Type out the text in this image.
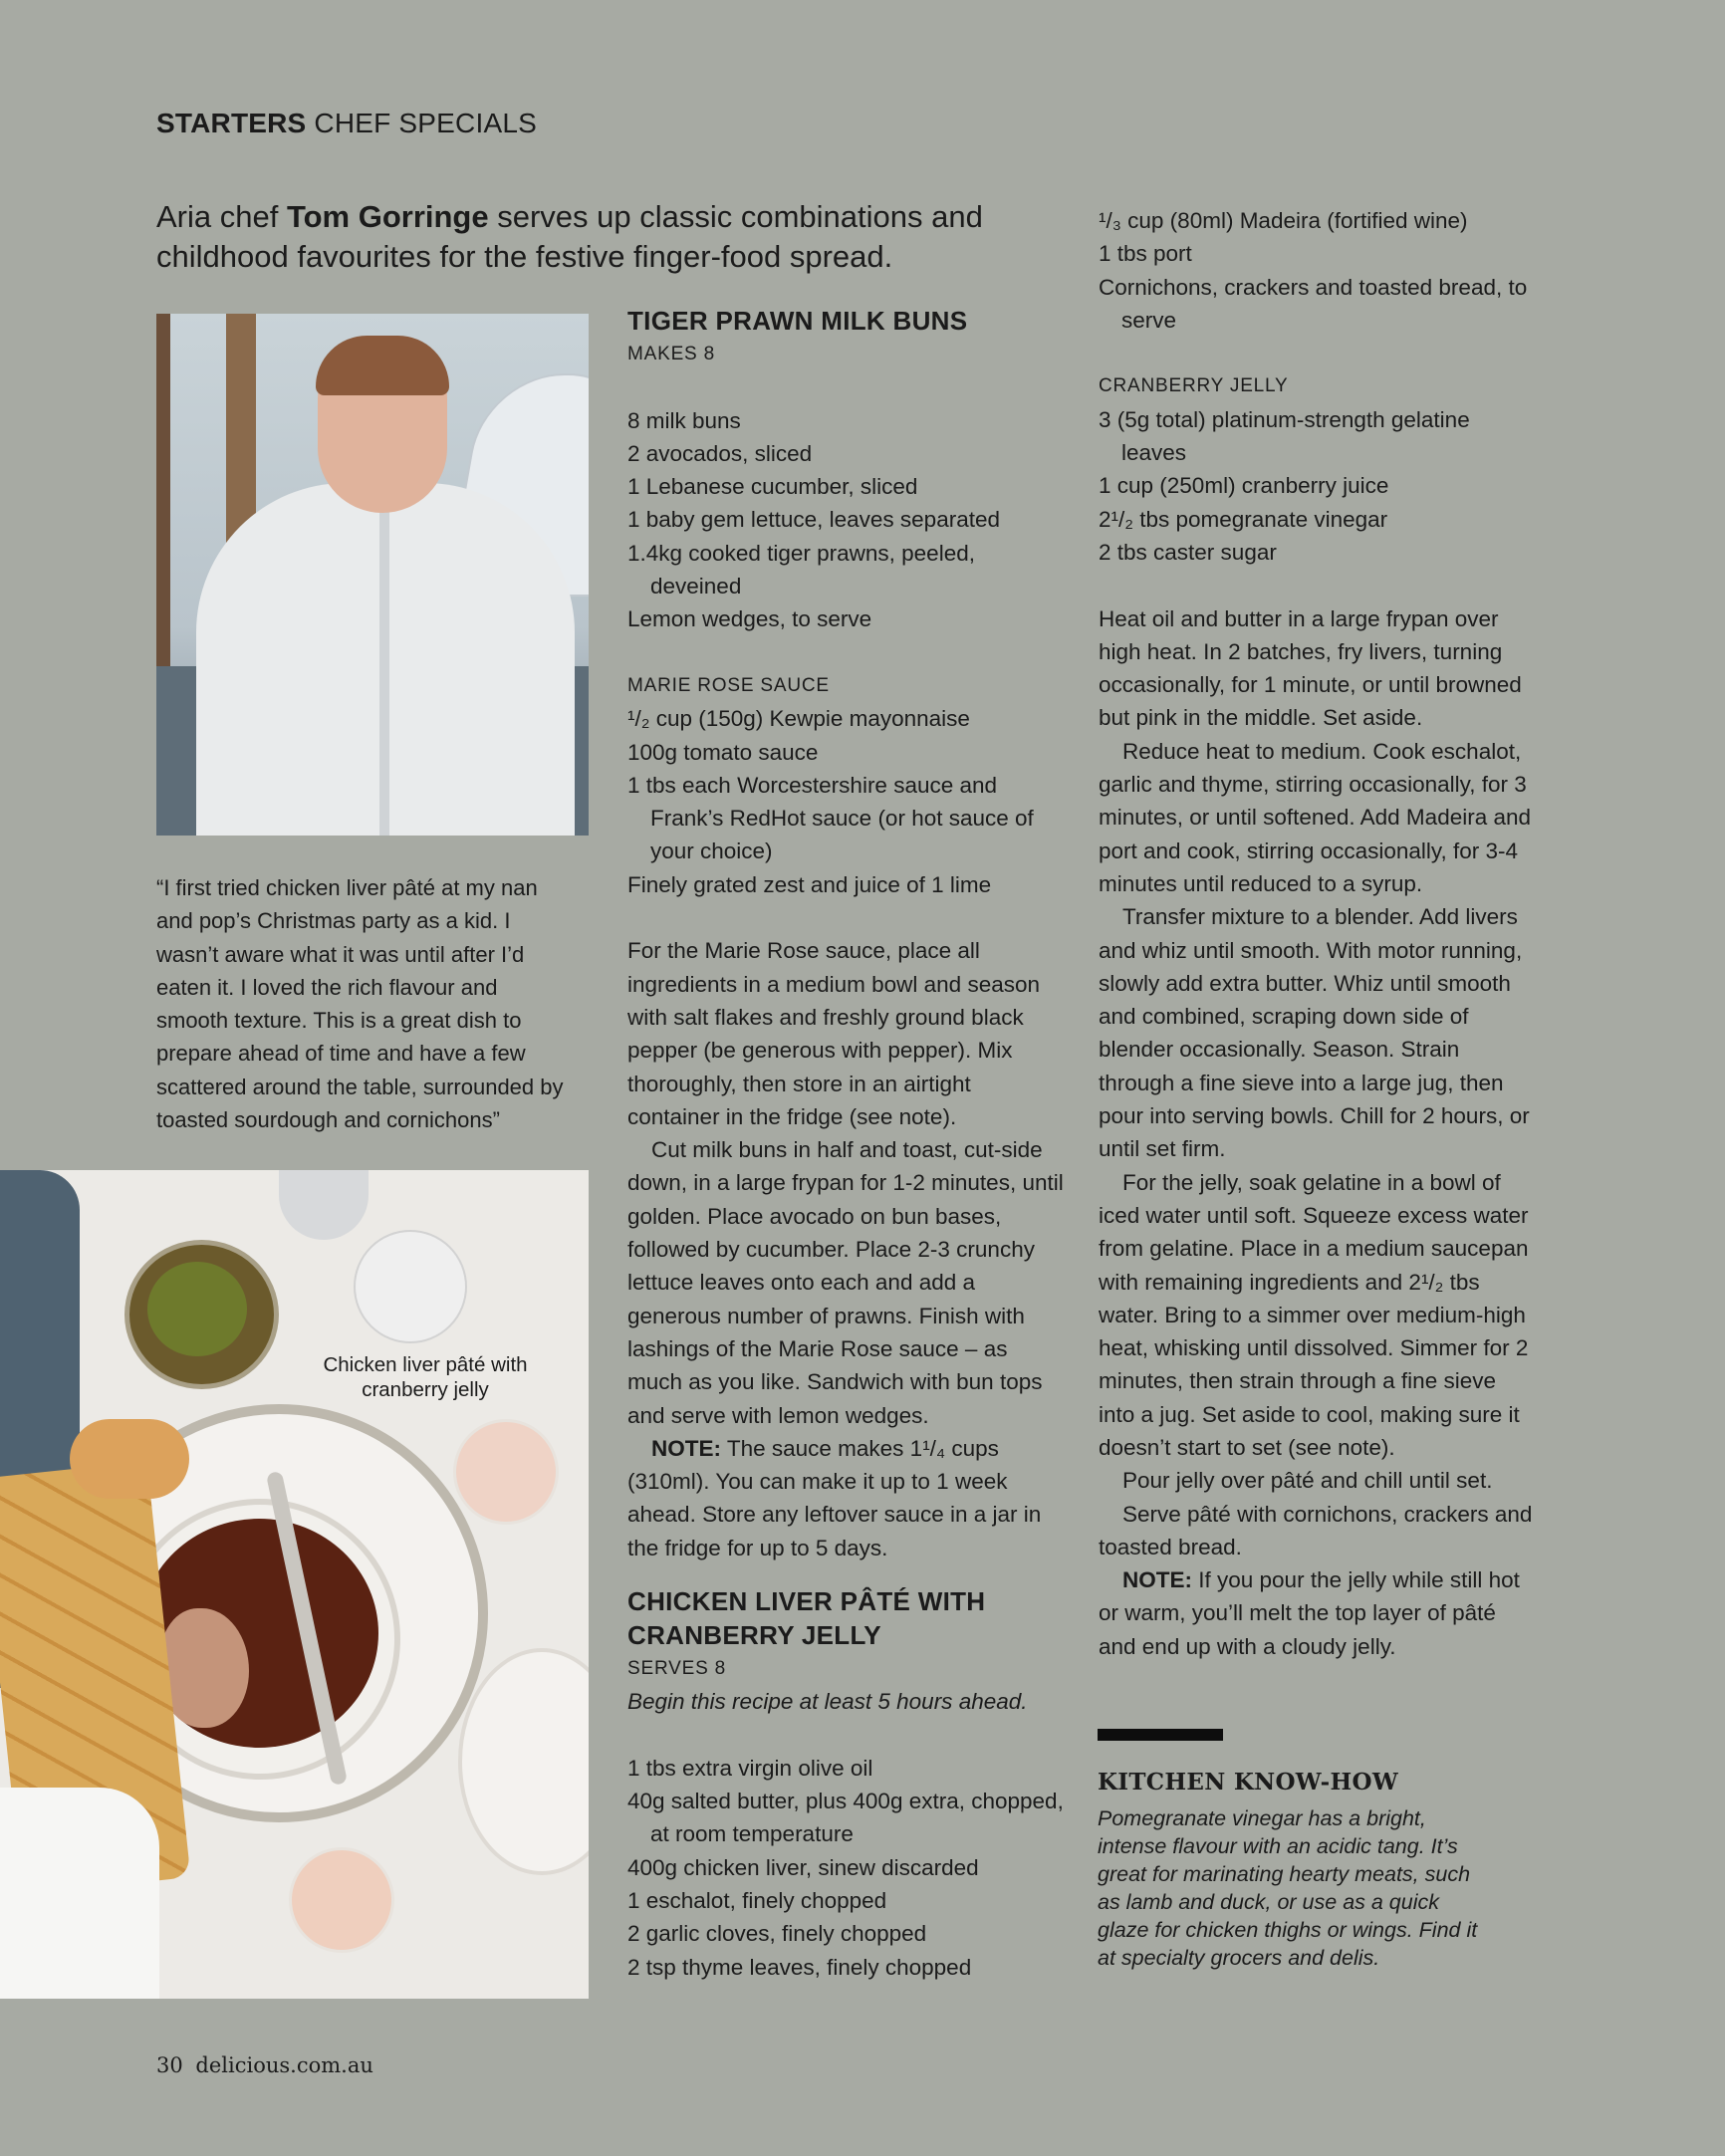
STARTERS CHEF SPECIALS
Aria chef Tom Gorringe serves up classic combinations and childhood favourites for the festive finger-food spread.
“I first tried chicken liver pâté at my nan and pop’s Christmas party as a kid. I wasn’t aware what it was until after I’d eaten it. I loved the rich flavour and smooth texture. This is a great dish to prepare ahead of time and have a few scattered around the table, surrounded by toasted sourdough and cornichons”
Chicken liver pâté with cranberry jelly
TIGER PRAWN MILK BUNS
MAKES 8
8 milk buns
2 avocados, sliced
1 Lebanese cucumber, sliced
1 baby gem lettuce, leaves separated
1.4kg cooked tiger prawns, peeled, deveined
Lemon wedges, to serve
MARIE ROSE SAUCE
¹/₂ cup (150g) Kewpie mayonnaise
100g tomato sauce
1 tbs each Worcestershire sauce and Frank’s RedHot sauce (or hot sauce of your choice)
Finely grated zest and juice of 1 lime

For the Marie Rose sauce, place all ingredients in a medium bowl and season with salt flakes and freshly ground black pepper (be generous with pepper). Mix thoroughly, then store in an airtight container in the fridge (see note).

Cut milk buns in half and toast, cut-side down, in a large frypan for 1-2 minutes, until golden. Place avocado on bun bases, followed by cucumber. Place 2-3 crunchy lettuce leaves onto each and add a generous number of prawns. Finish with lashings of the Marie Rose sauce – as much as you like. Sandwich with bun tops and serve with lemon wedges.

NOTE: The sauce makes 1¹/₄ cups (310ml). You can make it up to 1 week ahead. Store any leftover sauce in a jar in the fridge for up to 5 days.

CHICKEN LIVER PÂTÉ WITH CRANBERRY JELLY
SERVES 8
Begin this recipe at least 5 hours ahead.
1 tbs extra virgin olive oil
40g salted butter, plus 400g extra, chopped, at room temperature
400g chicken liver, sinew discarded
1 eschalot, finely chopped
2 garlic cloves, finely chopped
2 tsp thyme leaves, finely chopped
¹/₃ cup (80ml) Madeira (fortified wine)
1 tbs port
Cornichons, crackers and toasted bread, to serve
CRANBERRY JELLY
3 (5g total) platinum-strength gelatine leaves
1 cup (250ml) cranberry juice
2¹/₂ tbs pomegranate vinegar
2 tbs caster sugar

Heat oil and butter in a large frypan over high heat. In 2 batches, fry livers, turning occasionally, for 1 minute, or until browned but pink in the middle. Set aside.

Reduce heat to medium. Cook eschalot, garlic and thyme, stirring occasionally, for 3 minutes, or until softened. Add Madeira and port and cook, stirring occasionally, for 3-4 minutes until reduced to a syrup.

Transfer mixture to a blender. Add livers and whiz until smooth. With motor running, slowly add extra butter. Whiz until smooth and combined, scraping down side of blender occasionally. Season. Strain through a fine sieve into a large jug, then pour into serving bowls. Chill for 2 hours, or until set firm.

For the jelly, soak gelatine in a bowl of iced water until soft. Squeeze excess water from gelatine. Place in a medium saucepan with remaining ingredients and 2¹/₂ tbs water. Bring to a simmer over medium-high heat, whisking until dissolved. Simmer for 2 minutes, then strain through a fine sieve into a jug. Set aside to cool, making sure it doesn’t start to set (see note).

Pour jelly over pâté and chill until set.

Serve pâté with cornichons, crackers and toasted bread.

NOTE: If you pour the jelly while still hot or warm, you’ll melt the top layer of pâté and end up with a cloudy jelly.

KITCHEN KNOW-HOW
Pomegranate vinegar has a bright, intense flavour with an acidic tang. It’s great for marinating hearty meats, such as lamb and duck, or use as a quick glaze for chicken thighs or wings. Find it at specialty grocers and delis.
30 delicious.com.au
